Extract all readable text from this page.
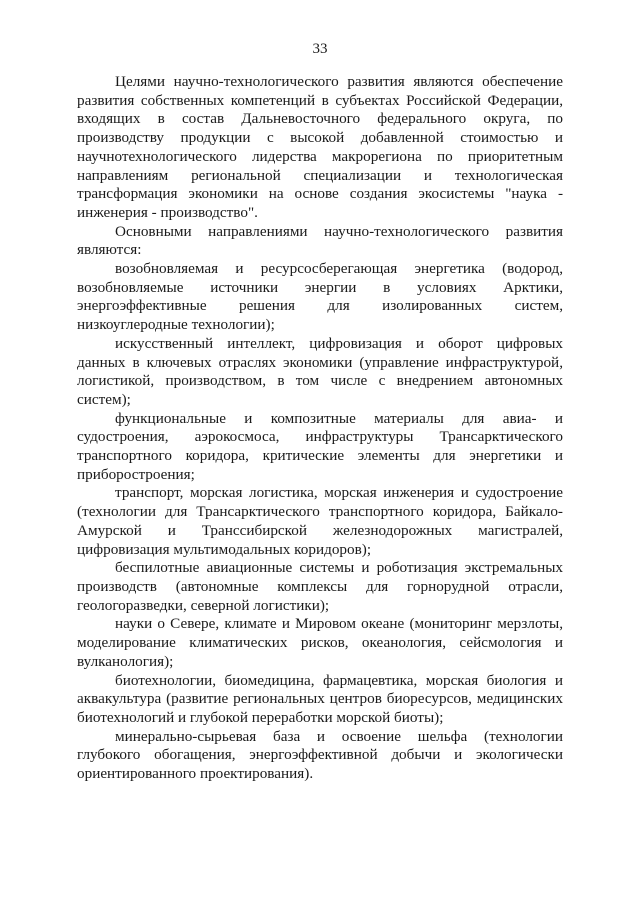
33

Целями научно-технологического развития являются обеспечение развития собственных компетенций в субъектах Российской Федерации, входящих в состав Дальневосточного федерального округа, по производству продукции с высокой добавленной стоимостью и научнотехнологического лидерства макрорегиона по приоритетным направлениям региональной специализации и технологическая трансформация экономики на основе создания экосистемы "наука - инженерия - производство".

Основными направлениями научно-технологического развития являются:

возобновляемая и ресурсосберегающая энергетика (водород, возобновляемые источники энергии в условиях Арктики, энергоэффективные решения для изолированных систем, низкоуглеродные технологии);

искусственный интеллект, цифровизация и оборот цифровых данных в ключевых отраслях экономики (управление инфраструктурой, логистикой, производством, в том числе с внедрением автономных систем);

функциональные и композитные материалы для авиа- и судостроения, аэрокосмоса, инфраструктуры Трансарктического транспортного коридора, критические элементы для энергетики и приборостроения;

транспорт, морская логистика, морская инженерия и судостроение (технологии для Трансарктического транспортного коридора, Байкало-Амурской и Транссибирской железнодорожных магистралей, цифровизация мультимодальных коридоров);

беспилотные авиационные системы и роботизация экстремальных производств (автономные комплексы для горнорудной отрасли, геологоразведки, северной логистики);

науки о Севере, климате и Мировом океане (мониторинг мерзлоты, моделирование климатических рисков, океанология, сейсмология и вулканология);

биотехнологии, биомедицина, фармацевтика, морская биология и аквакультура (развитие региональных центров биоресурсов, медицинских биотехнологий и глубокой переработки морской биоты);

минерально-сырьевая база и освоение шельфа (технологии глубокого обогащения, энергоэффективной добычи и экологически ориентированного проектирования).
